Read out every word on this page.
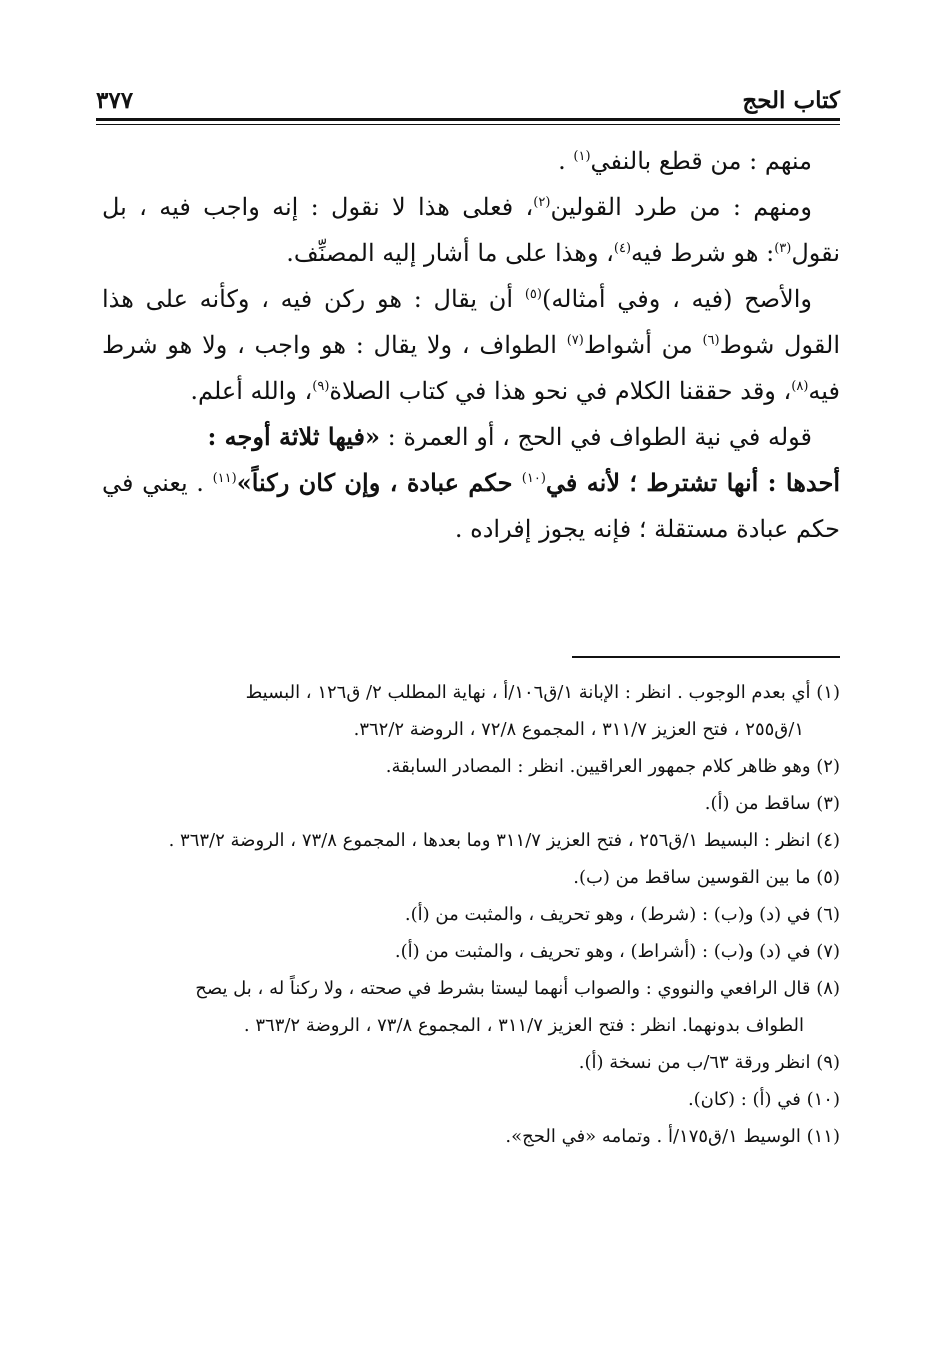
كتاب الحج
٣٧٧

منهم : من قطع بالنفي$^{(١)}$ .

ومنهم : من طرد القولين$^{(٢)}$، فعلى هذا لا نقول : إنه واجب فيه ، بل نقول$^{(٣)}$: هو شرط فيه$^{(٤)}$، وهذا على ما أشار إليه المصنِّف.

والأصح (فيه ، وفي أمثاله)$^{(٥)}$ أن يقال : هو ركن فيه ، وكأنه على هذا القول شوط$^{(٦)}$ من أشواط$^{(٧)}$ الطواف ، ولا يقال : هو واجب ، ولا هو شرط فيه$^{(٨)}$، وقد حققنا الكلام في نحو هذا في كتاب الصلاة$^{(٩)}$، والله أعلم.

قوله في نية الطواف في الحج ، أو العمرة : «فيها ثلاثة أوجه :

أحدها : أنها تشترط ؛ لأنه في$^{(١٠)}$ حكم عبادة ، وإن كان ركناً»$^{(١١)}$ . يعني في حكم عبادة مستقلة ؛ فإنه يجوز إفراده .

(١) أي بعدم الوجوب . انظر : الإبانة ١/ق١٠٦/أ ، نهاية المطلب ٢/ ق١٢٦ ، البسيط
١/ق٢٥٥ ، فتح العزيز ٣١١/٧ ، المجموع ٧٢/٨ ، الروضة ٣٦٢/٢.

(٢) وهو ظاهر كلام جمهور العراقيين. انظر : المصادر السابقة.

(٣) ساقط من (أ).

(٤) انظر : البسيط ١/ق٢٥٦ ، فتح العزيز ٣١١/٧ وما بعدها ، المجموع ٧٣/٨ ، الروضة ٣٦٣/٢ .

(٥) ما بين القوسين ساقط من (ب).

(٦) في (د) و(ب) : (شرط) ، وهو تحريف ، والمثبت من (أ).

(٧) في (د) و(ب) : (أشراط) ، وهو تحريف ، والمثبت من (أ).

(٨) قال الرافعي والنووي : والصواب أنهما ليستا بشرط في صحته ، ولا ركناً له ، بل يصح
الطواف بدونهما. انظر : فتح العزيز ٣١١/٧ ، المجموع ٧٣/٨ ، الروضة ٣٦٣/٢ .

(٩) انظر ورقة ٦٣/ب من نسخة (أ).

(١٠) في (أ) : (كان).

(١١) الوسيط ١/ق١٧٥/أ . وتمامه «في الحج».
